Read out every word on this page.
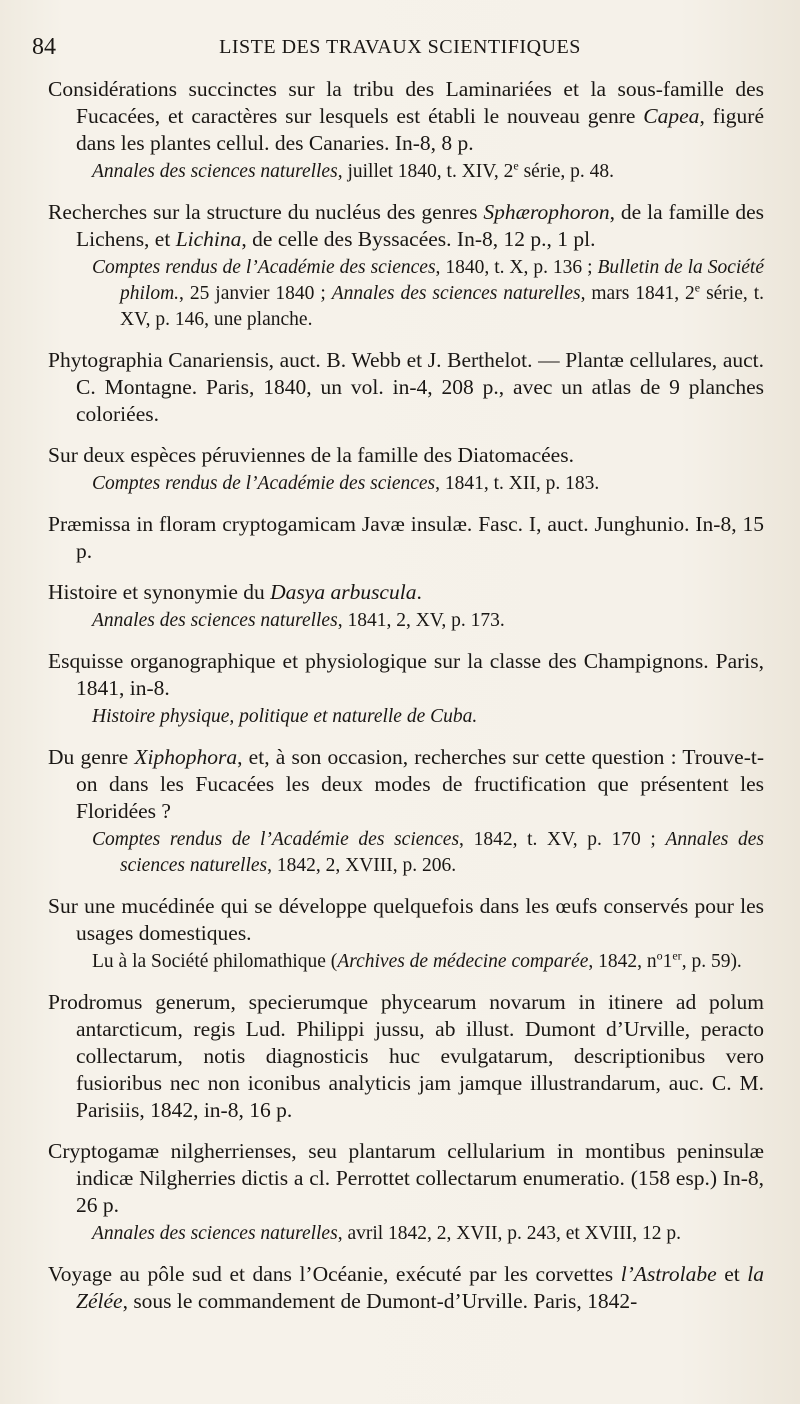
84	LISTE DES TRAVAUX SCIENTIFIQUES
Considérations succinctes sur la tribu des Laminariées et la sous-famille des Fucacées, et caractères sur lesquels est établi le nouveau genre Capea, figuré dans les plantes cellul. des Canaries. In-8, 8 p.
Annales des sciences naturelles, juillet 1840, t. XIV, 2e série, p. 48.
Recherches sur la structure du nucléus des genres Sphærophoron, de la famille des Lichens, et Lichina, de celle des Byssacées. In-8, 12 p., 1 pl.
Comptes rendus de l’Académie des sciences, 1840, t. X, p. 136 ; Bulletin de la Société philom., 25 janvier 1840 ; Annales des sciences naturelles, mars 1841, 2e série, t. XV, p. 146, une planche.
Phytographia Canariensis, auct. B. Webb et J. Berthelot. — Plantæ cellulares, auct. C. Montagne. Paris, 1840, un vol. in-4, 208 p., avec un atlas de 9 planches coloriées.
Sur deux espèces péruviennes de la famille des Diatomacées.
Comptes rendus de l’Académie des sciences, 1841, t. XII, p. 183.
Præmissa in floram cryptogamicam Javæ insulæ. Fasc. I, auct. Junghunio. In-8, 15 p.
Histoire et synonymie du Dasya arbuscula.
Annales des sciences naturelles, 1841, 2, XV, p. 173.
Esquisse organographique et physiologique sur la classe des Champignons. Paris, 1841, in-8.
Histoire physique, politique et naturelle de Cuba.
Du genre Xiphophora, et, à son occasion, recherches sur cette question : Trouve-t-on dans les Fucacées les deux modes de fructification que présentent les Floridées ?
Comptes rendus de l’Académie des sciences, 1842, t. XV, p. 170 ; Annales des sciences naturelles, 1842, 2, XVIII, p. 206.
Sur une mucédinée qui se développe quelquefois dans les œufs conservés pour les usages domestiques.
Lu à la Société philomathique (Archives de médecine comparée, 1842, $n^o1er$, p. 59).
Prodromus generum, specierumque phycearum novarum in itinere ad polum antarcticum, regis Lud. Philippi jussu, ab illust. Dumont d’Urville, peracto collectarum, notis diagnosticis huc evulgatarum, descriptionibus vero fusioribus nec non iconibus analyticis jam jamque illustrandarum, auc. C. M. Parisiis, 1842, in-8, 16 p.
Cryptogamæ nilgherrienses, seu plantarum cellularium in montibus peninsulæ indicæ Nilgherries dictis a cl. Perrottet collectarum enumeratio. (158 esp.) In-8, 26 p.
Annales des sciences naturelles, avril 1842, 2, XVII, p. 243, et XVIII, 12 p.
Voyage au pôle sud et dans l’Océanie, exécuté par les corvettes l’Astrolabe et la Zélée, sous le commandement de Dumont-d’Urville. Paris, 1842-
